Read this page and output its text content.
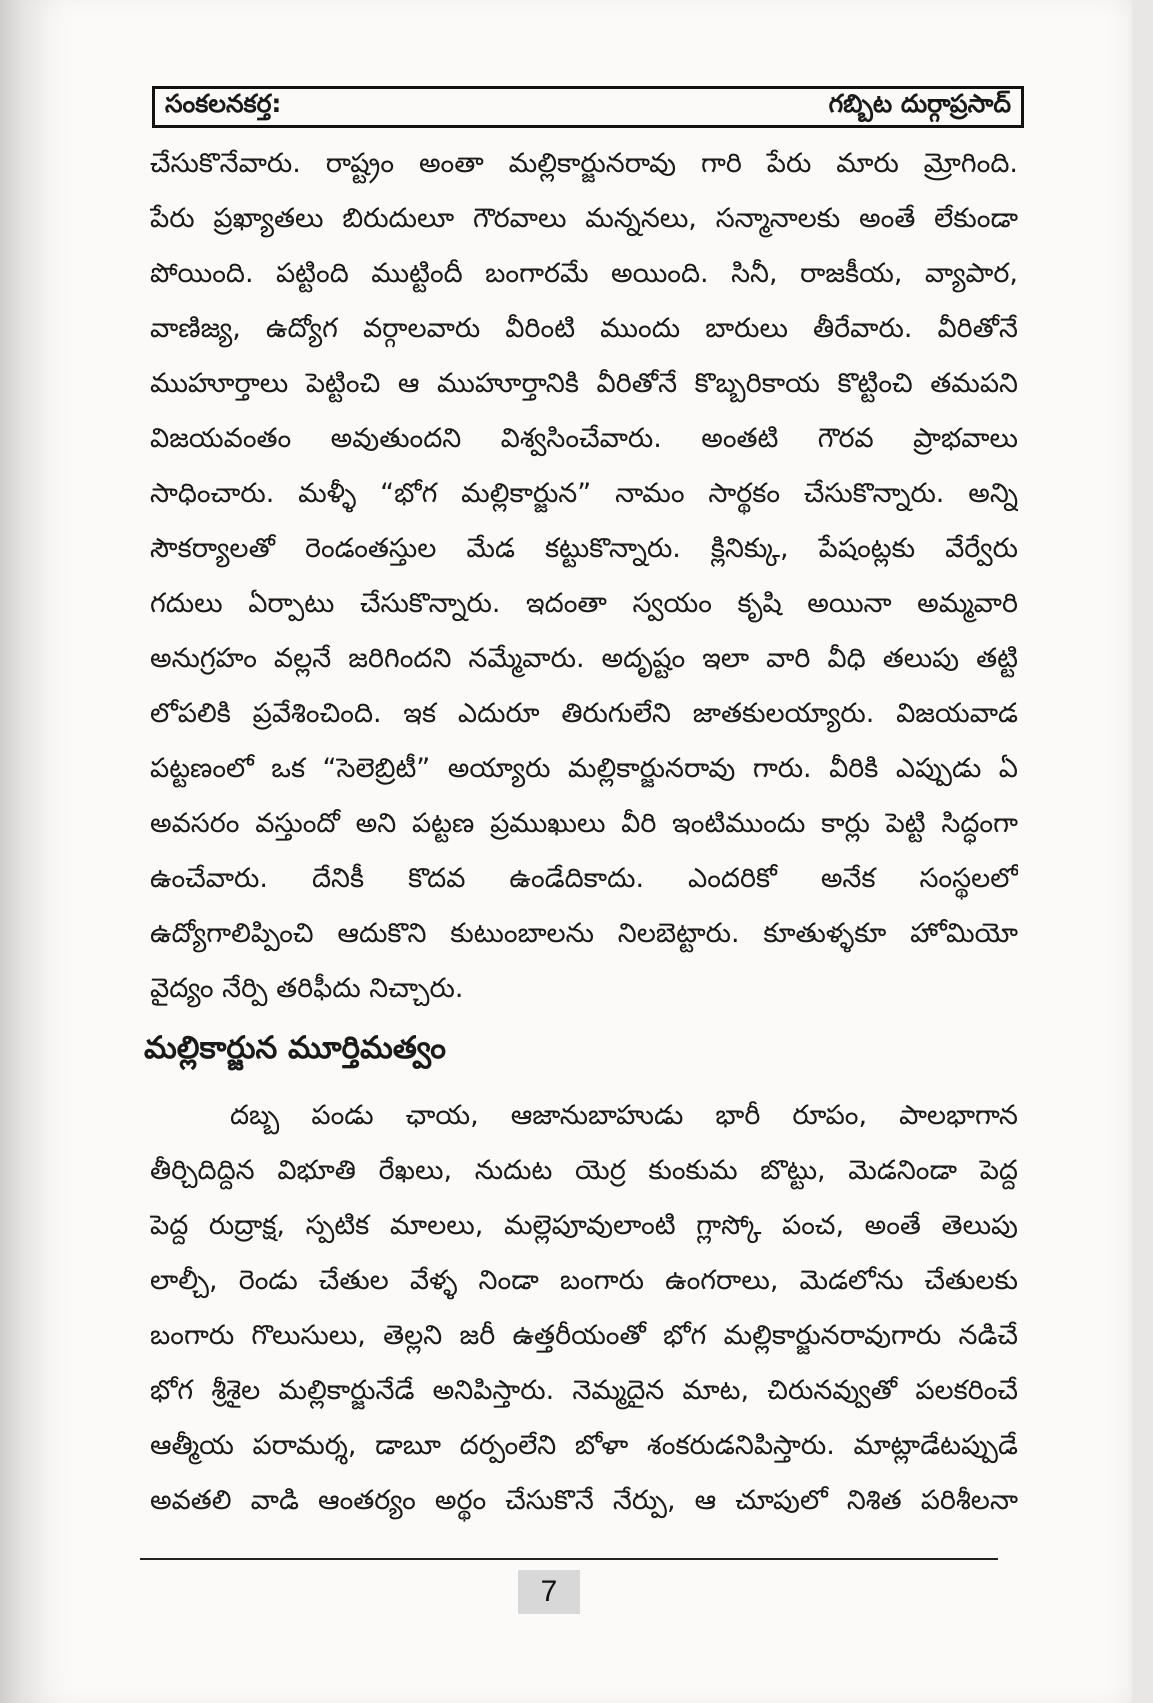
సంకలనకర్త:	గబ్బిట దుర్గాప్రసాద్
చేసుకొనేవారు. రాష్ట్రం అంతా మల్లికార్జునరావు గారి పేరు మారు మ్రోగింది.
పేరు ప్రఖ్యాతలు బిరుదులూ గౌరవాలు మన్ననలు, సన్మానాలకు అంతే లేకుండా
పోయింది. పట్టింది ముట్టిందీ బంగారమే అయింది. సినీ, రాజకీయ, వ్యాపార,
వాణిజ్య, ఉద్యోగ వర్గాలవారు వీరింటి ముందు బారులు తీరేవారు. వీరితోనే
ముహూర్తాలు పెట్టించి ఆ ముహూర్తానికి వీరితోనే కొబ్బరికాయ కొట్టించి తమపని
విజయవంతం అవుతుందని విశ్వసించేవారు. అంతటి గౌరవ ప్రాభవాలు
సాధించారు. మళ్ళీ “భోగ మల్లికార్జున” నామం సార్థకం చేసుకొన్నారు. అన్ని
సౌకర్యాలతో రెండంతస్తుల మేడ కట్టుకొన్నారు. క్లినిక్కు, పేషంట్లకు వేర్వేరు
గదులు ఏర్పాటు చేసుకొన్నారు. ఇదంతా స్వయం కృషి అయినా అమ్మవారి
అనుగ్రహం వల్లనే జరిగిందని నమ్మేవారు. అదృష్టం ఇలా వారి వీధి తలుపు తట్టి
లోపలికి ప్రవేశించింది. ఇక ఎదురూ తిరుగులేని జాతకులయ్యారు. విజయవాడ
పట్టణంలో ఒక “సెలెబ్రిటీ” అయ్యారు మల్లికార్జునరావు గారు. వీరికి ఎప్పుడు ఏ
అవసరం వస్తుందో అని పట్టణ ప్రముఖులు వీరి ఇంటిముందు కార్లు పెట్టి సిద్ధంగా
ఉంచేవారు. దేనికీ కొదవ ఉండేదికాదు. ఎందరికో అనేక సంస్థలలో
ఉద్యోగాలిప్పించి ఆదుకొని కుటుంబాలను నిలబెట్టారు. కూతుళ్ళకూ హోమియో
వైద్యం నేర్పి తరిఫీదు నిచ్చారు.
మల్లికార్జున మూర్తిమత్వం
దబ్బ పండు ఛాయ, ఆజానుబాహుడు భారీ రూపం, పాలభాగాన
తీర్చిదిద్దిన విభూతి రేఖలు, నుదుట యెర్ర కుంకుమ బొట్టు, మెడనిండా పెద్ద
పెద్ద రుద్రాక్ష, స్పటిక మాలలు, మల్లెపూవులాంటి గ్లాస్కో పంచ, అంతే తెలుపు
లాల్చీ, రెండు చేతుల వేళ్ళ నిండా బంగారు ఉంగరాలు, మెడలోను చేతులకు
బంగారు గొలుసులు, తెల్లని జరీ ఉత్తరీయంతో భోగ మల్లికార్జునరావుగారు నడిచే
భోగ శ్రీశైల మల్లికార్జునేడే అనిపిస్తారు. నెమ్మదైన మాట, చిరునవ్వుతో పలకరించే
ఆత్మీయ పరామర్శ, డాబూ దర్పంలేని బోళా శంకరుడనిపిస్తారు. మాట్లాడేటప్పుడే
అవతలి వాడి ఆంతర్యం అర్థం చేసుకొనే నేర్పు, ఆ చూపులో నిశిత పరిశీలనా
7
